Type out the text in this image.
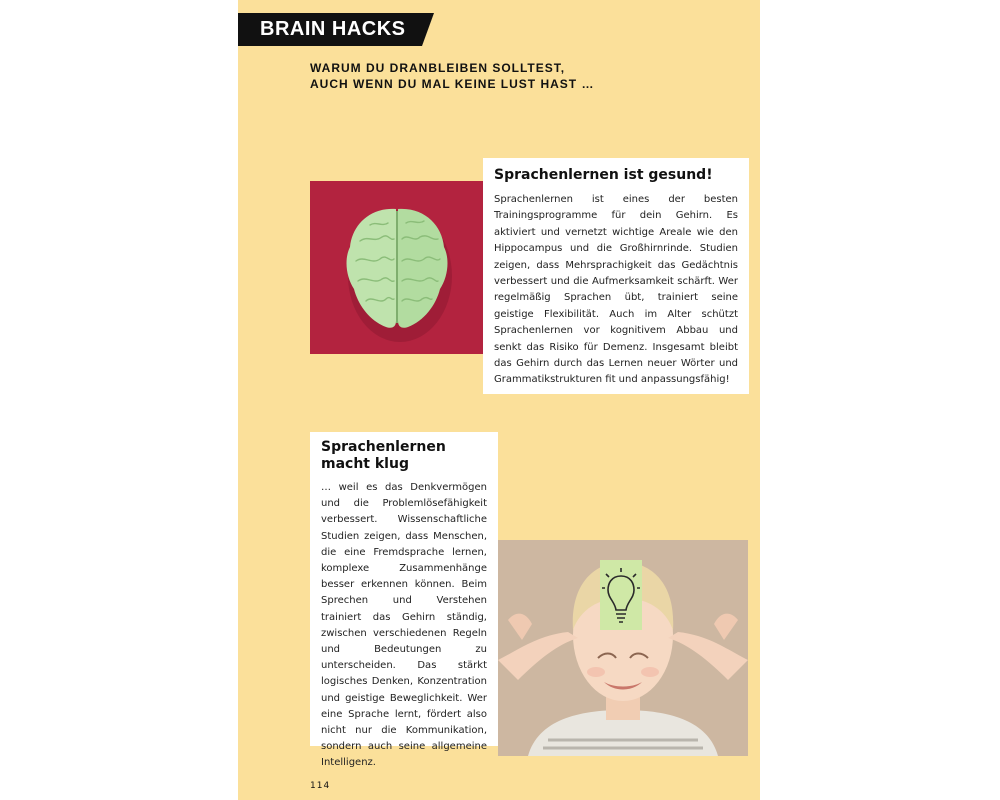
BRAIN HACKS
WARUM DU DRANBLEIBEN SOLLTEST,
AUCH WENN DU MAL KEINE LUST HAST …
Sprachenlernen ist gesund!

Sprachenlernen ist eines der besten Trainingsprogramme für dein Gehirn. Es aktiviert und vernetzt wichtige Areale wie den Hippocampus und die Großhirnrinde. Studien zeigen, dass Mehrsprachigkeit das Gedächtnis verbessert und die Aufmerksamkeit schärft. Wer regelmäßig Sprachen übt, trainiert seine geistige Flexibilität. Auch im Alter schützt Sprachenlernen vor kognitivem Abbau und senkt das Risiko für Demenz. Insgesamt bleibt das Gehirn durch das Lernen neuer Wörter und Grammatikstrukturen fit und anpassungsfähig!

Sprachenlernen
macht klug

… weil es das Denkvermögen und die Problemlösefähigkeit verbessert. Wissenschaftliche Studien zeigen, dass Menschen, die eine Fremdsprache lernen, komplexe Zusammenhänge besser erkennen können. Beim Sprechen und Verstehen trainiert das Gehirn ständig, zwischen verschiedenen Regeln und Bedeutungen zu unterscheiden. Das stärkt logisches Denken, Konzentration und geistige Beweglichkeit. Wer eine Sprache lernt, fördert also nicht nur die Kommunikation, sondern auch seine allgemeine Intelligenz.

114
